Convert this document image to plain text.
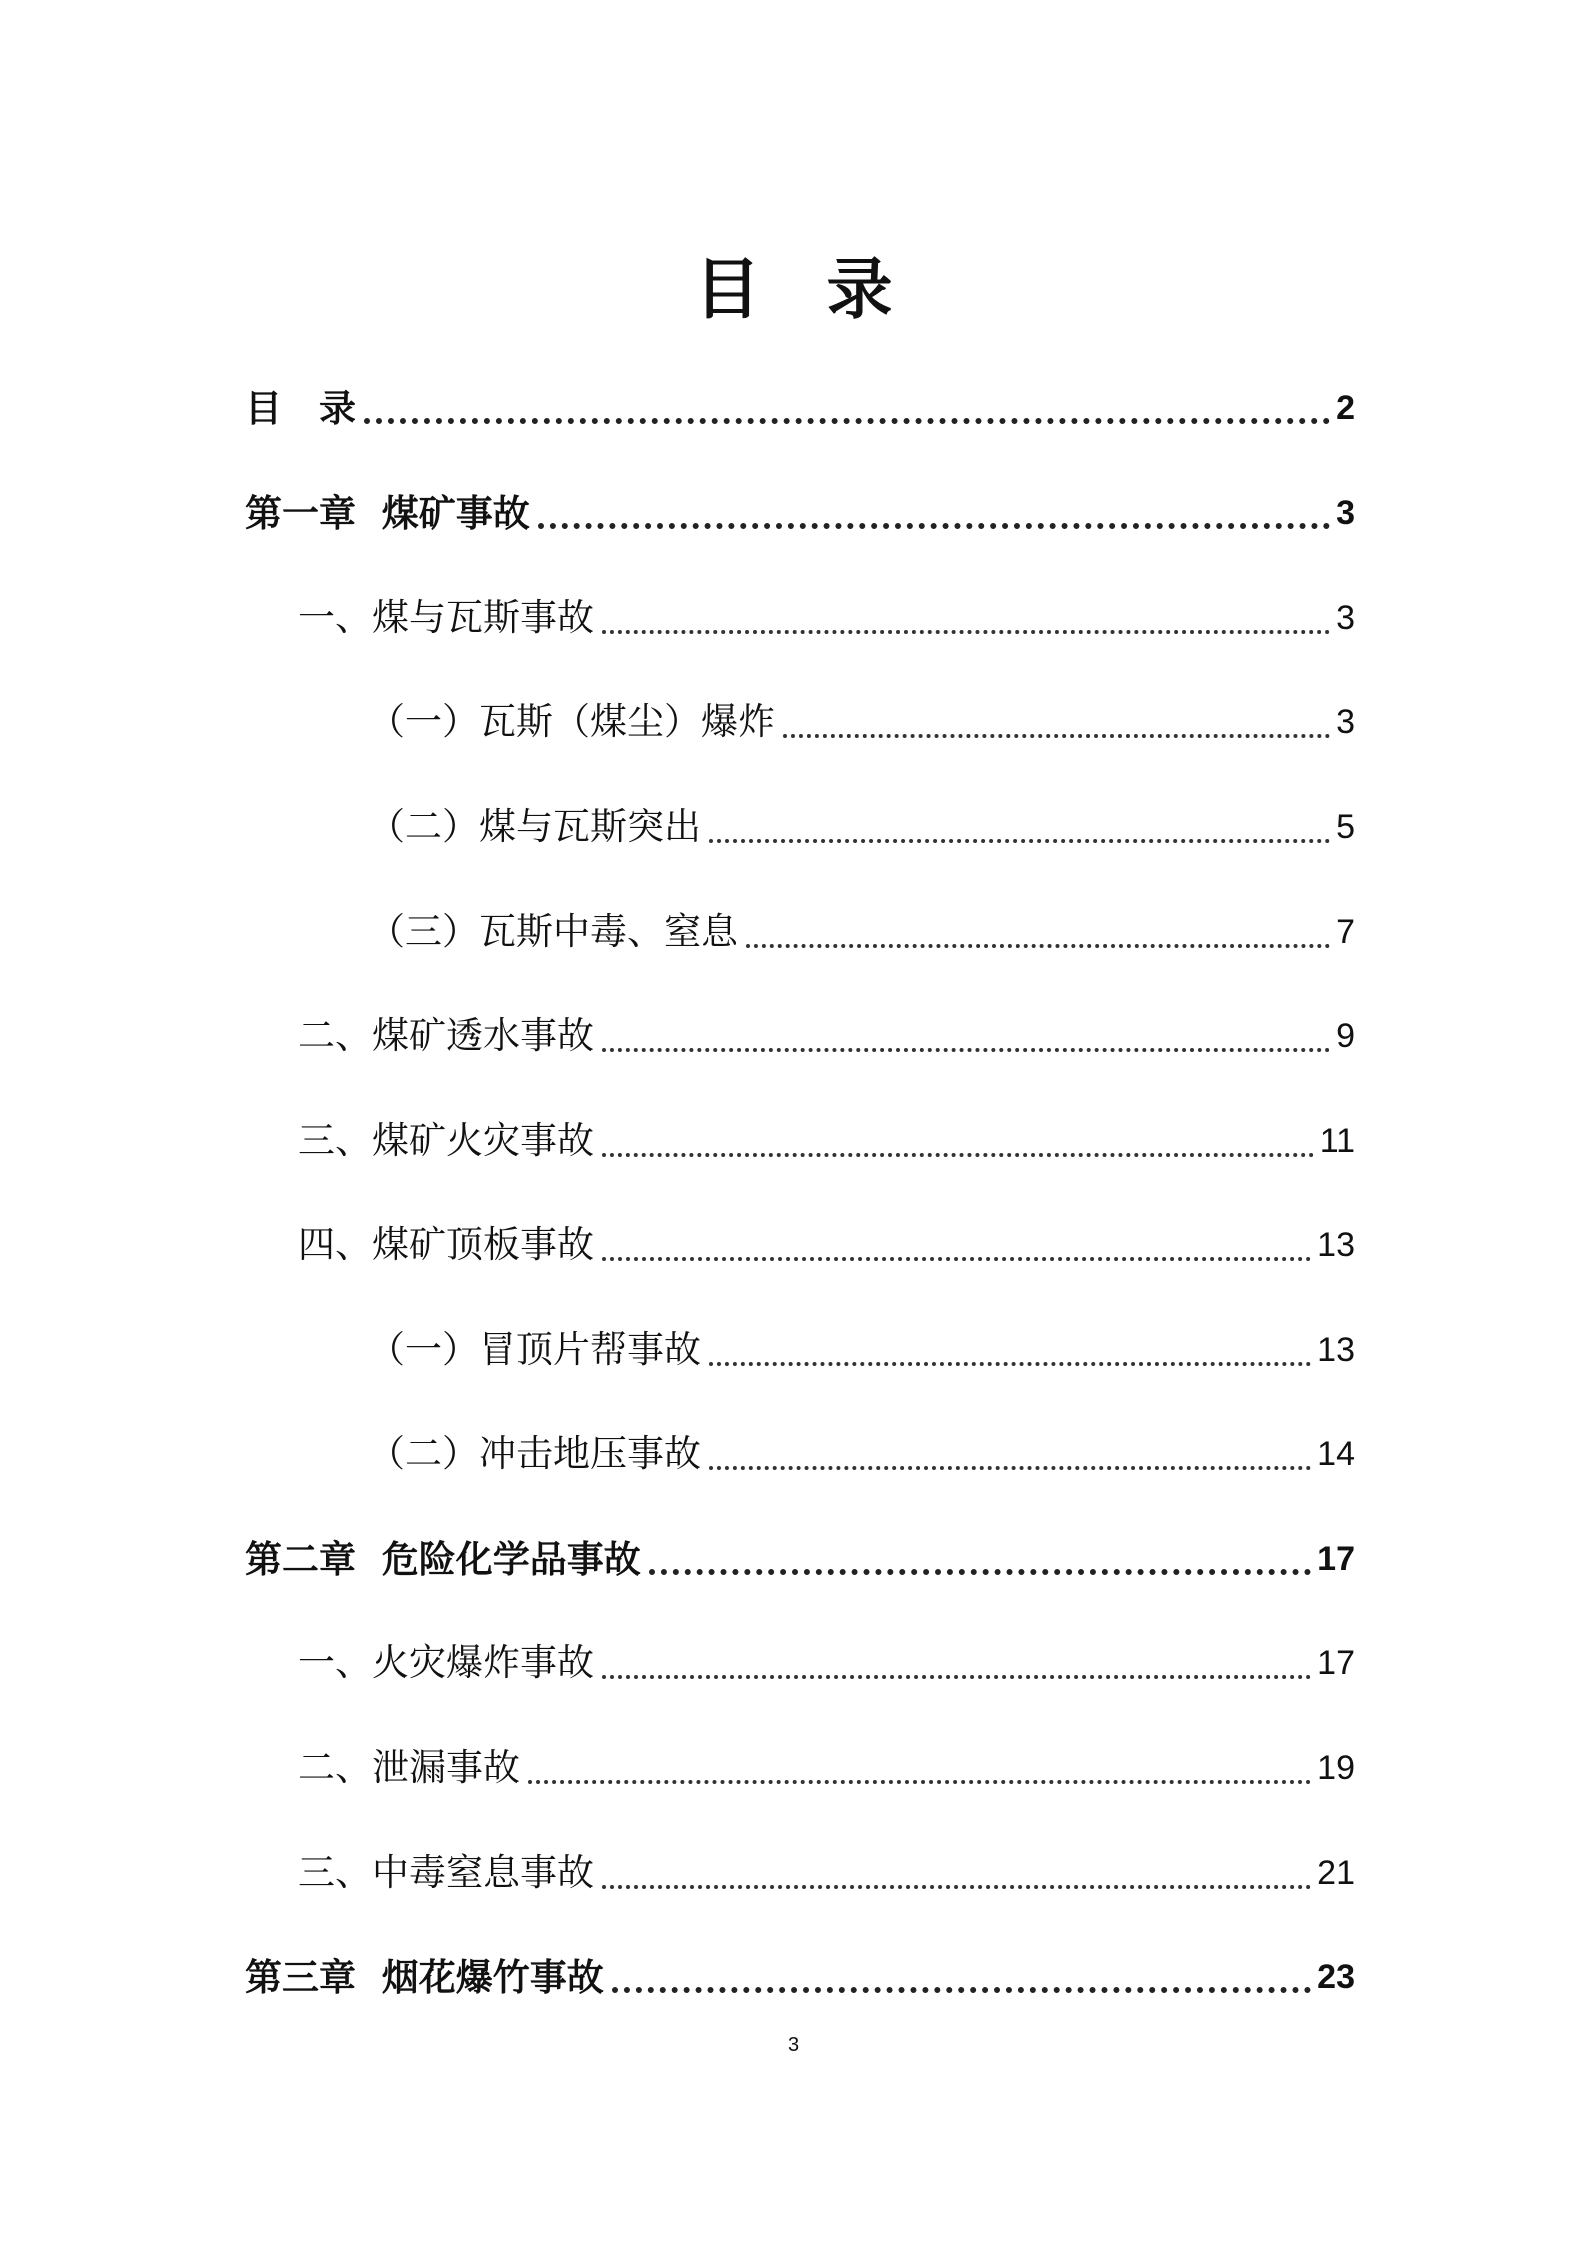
目　录
目　录	2
第一章  煤矿事故	3
一、煤与瓦斯事故	3
（一）瓦斯（煤尘）爆炸	3
（二）煤与瓦斯突出	5
（三）瓦斯中毒、窒息	7
二、煤矿透水事故	9
三、煤矿火灾事故	11
四、煤矿顶板事故	13
（一）冒顶片帮事故	13
（二）冲击地压事故	14
第二章  危险化学品事故	17
一、火灾爆炸事故	17
二、泄漏事故	19
三、中毒窒息事故	21
第三章  烟花爆竹事故	23
3
